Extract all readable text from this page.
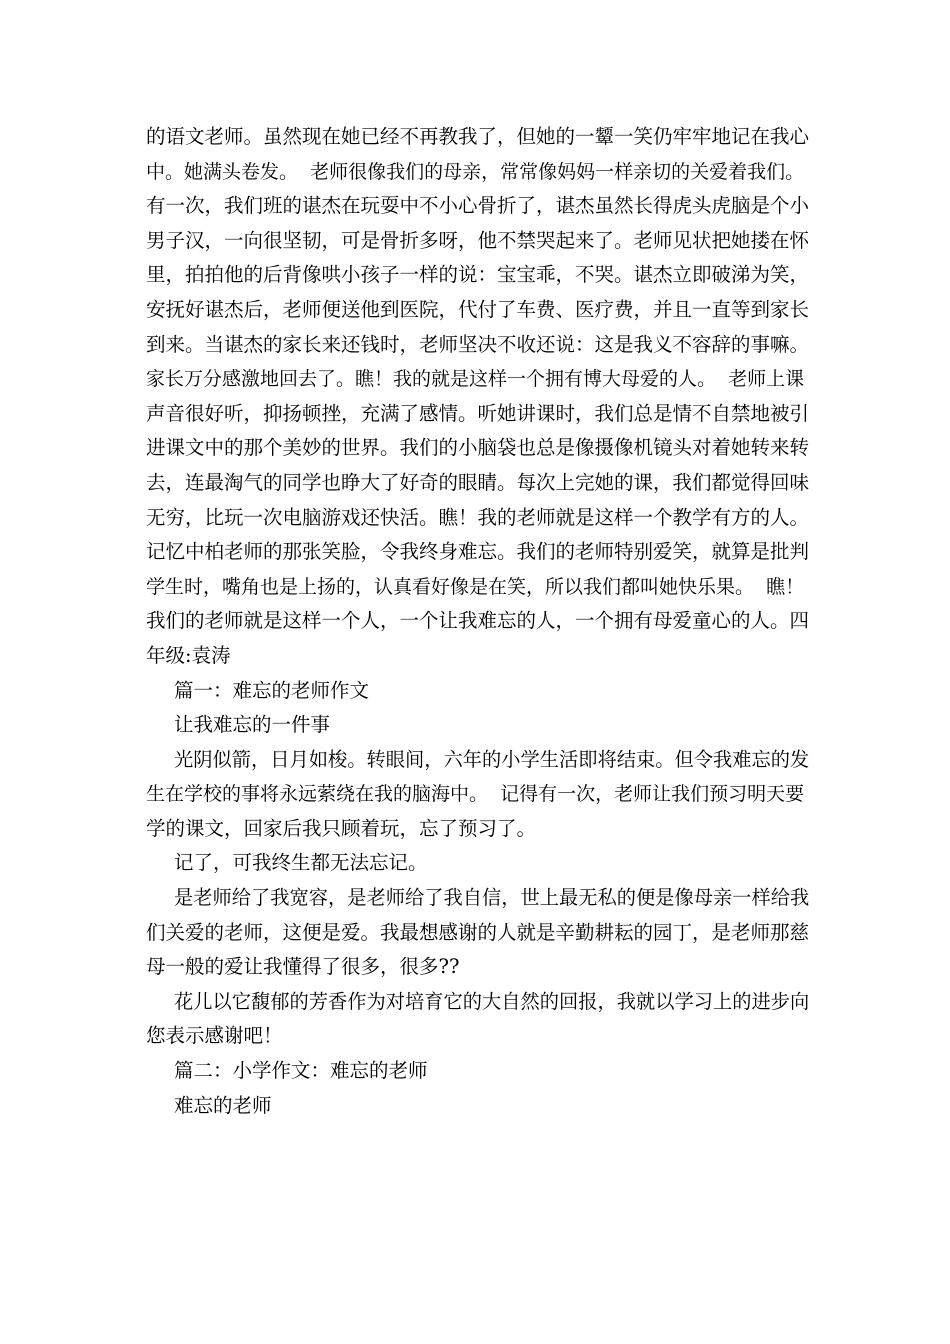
的语文老师。虽然现在她已经不再教我了，但她的一颦一笑仍牢牢地记在我心
中。她满头卷发。  老师很像我们的母亲，常常像妈妈一样亲切的关爱着我们。
有一次，我们班的谌杰在玩耍中不小心骨折了，谌杰虽然长得虎头虎脑是个小
男子汉，一向很坚韧，可是骨折多呀，他不禁哭起来了。老师见状把她搂在怀
里，拍拍他的后背像哄小孩子一样的说：宝宝乖，不哭。谌杰立即破涕为笑，
安抚好谌杰后，老师便送他到医院，代付了车费、医疗费，并且一直等到家长
到来。当谌杰的家长来还钱时，老师坚决不收还说：这是我义不容辞的事嘛。
家长万分感激地回去了。瞧！我的就是这样一个拥有博大母爱的人。  老师上课
声音很好听，抑扬顿挫，充满了感情。听她讲课时，我们总是情不自禁地被引
进课文中的那个美妙的世界。我们的小脑袋也总是像摄像机镜头对着她转来转
去，连最淘气的同学也睁大了好奇的眼睛。每次上完她的课，我们都觉得回味
无穷，比玩一次电脑游戏还快活。瞧！我的老师就是这样一个教学有方的人。
记忆中柏老师的那张笑脸，令我终身难忘。我们的老师特别爱笑，就算是批判
学生时，嘴角也是上扬的，认真看好像是在笑，所以我们都叫她快乐果。  瞧！
我们的老师就是这样一个人，一个让我难忘的人，一个拥有母爱童心的人。四
年级:袁涛
篇一：难忘的老师作文
让我难忘的一件事
光阴似箭，日月如梭。转眼间，六年的小学生活即将结束。但令我难忘的发
生在学校的事将永远萦绕在我的脑海中。  记得有一次，老师让我们预习明天要
学的课文，回家后我只顾着玩，忘了预习了。
记了，可我终生都无法忘记。
是老师给了我宽容，是老师给了我自信，世上最无私的便是像母亲一样给我
们关爱的老师，这便是爱。我最想感谢的人就是辛勤耕耘的园丁，是老师那慈
母一般的爱让我懂得了很多，很多??
花儿以它馥郁的芳香作为对培育它的大自然的回报，我就以学习上的进步向
您表示感谢吧！
篇二：小学作文：难忘的老师
难忘的老师
